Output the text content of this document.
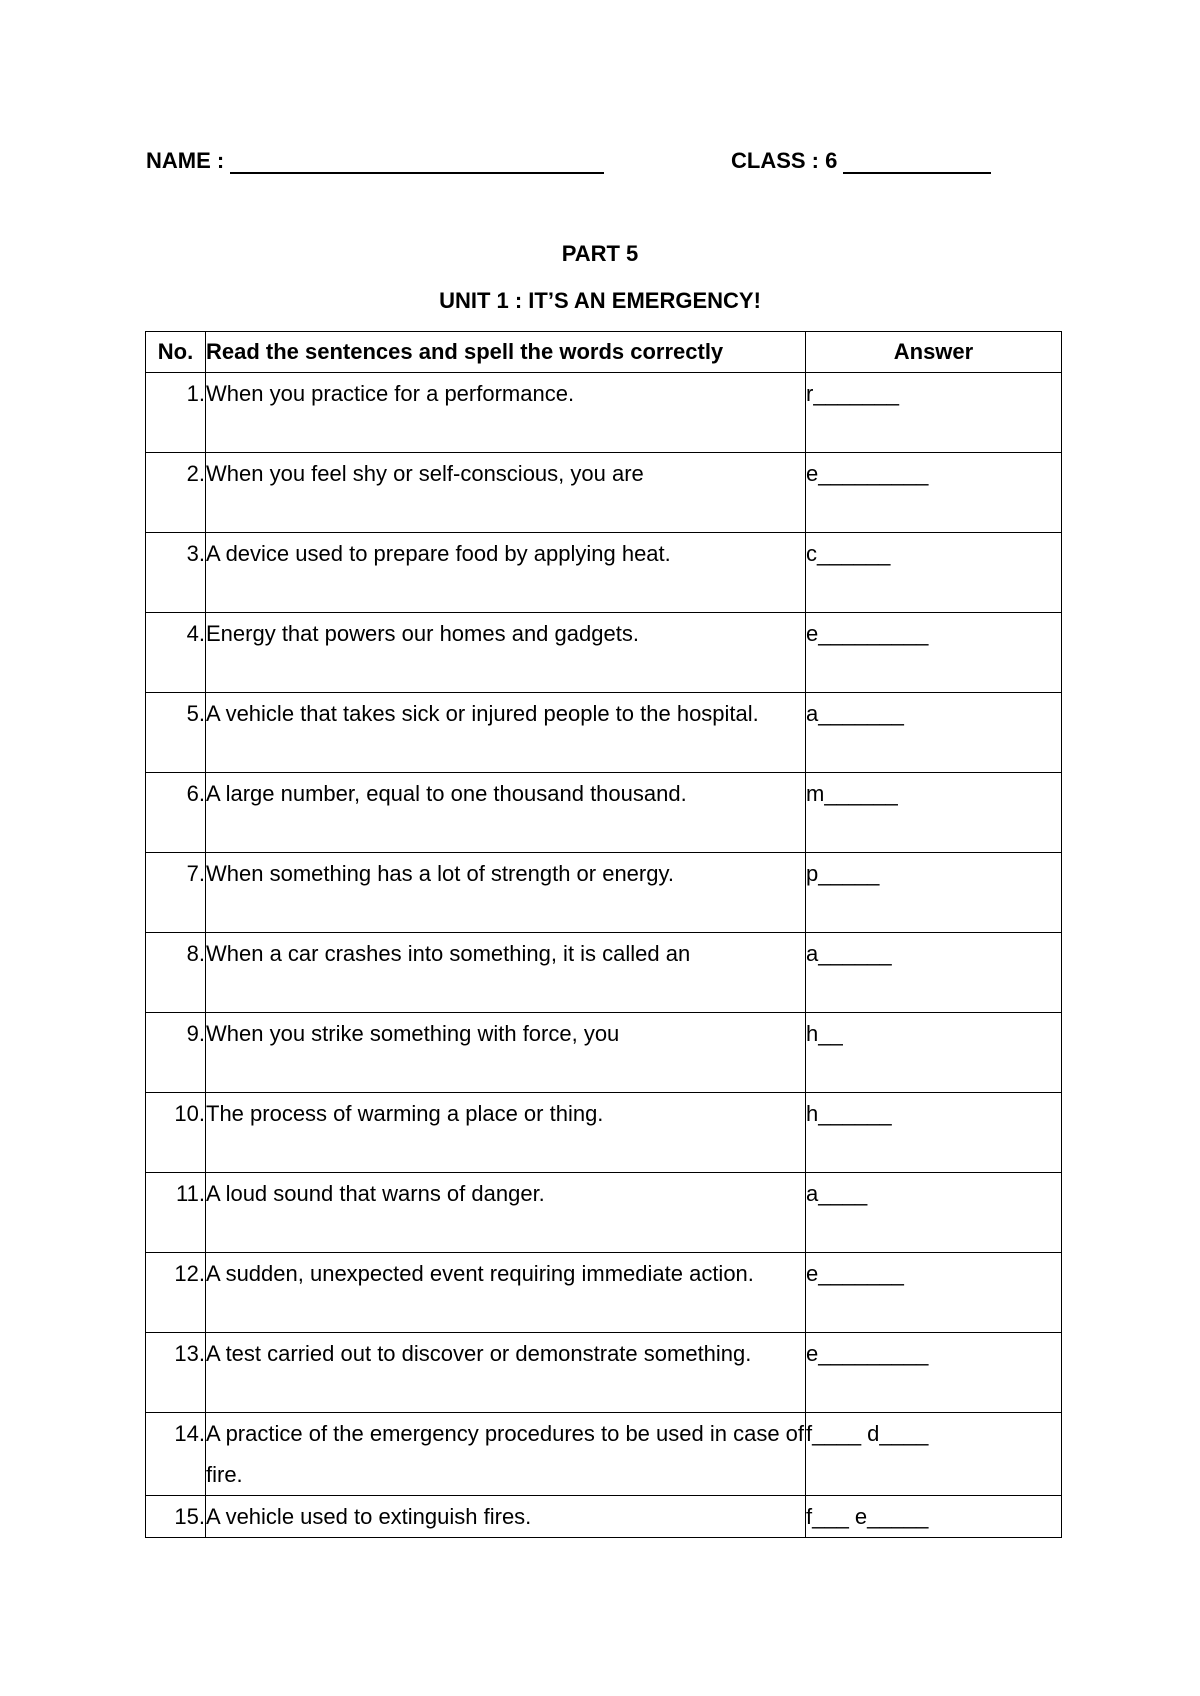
NAME :	CLASS : 6
PART 5
UNIT 1 : IT’S AN EMERGENCY!
No.	Read the sentences and spell the words correctly	Answer
1.	When you practice for a performance.	r_______
2.	When you feel shy or self-conscious, you are	e_________
3.	A device used to prepare food by applying heat.	c______
4.	Energy that powers our homes and gadgets.	e_________
5.	A vehicle that takes sick or injured people to the hospital.	a_______
6.	A large number, equal to one thousand thousand.	m______
7.	When something has a lot of strength or energy.	p_____
8.	When a car crashes into something, it is called an	a______
9.	When you strike something with force, you	h__
10.	The process of warming a place or thing.	h______
11.	A loud sound that warns of danger.	a____
12.	A sudden, unexpected event requiring immediate action.	e_______
13.	A test carried out to discover or demonstrate something.	e_________
14.	A practice of the emergency procedures to be used in case of fire.	f____ d____
15.	A vehicle used to extinguish fires.	f___ e_____
